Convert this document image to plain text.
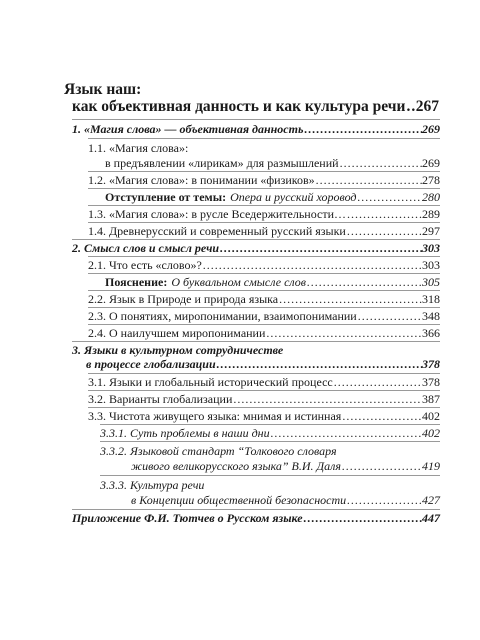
Язык наш:
как объективная данность и как культура речи ..... 267
1. «Магия слова» — объективная данность .....	269
1.1. «Магия слова»:
в предъявлении «лирикам» для размышлений .....	269
1.2. «Магия слова»: в понимании «физиков» .....	278
Отступление от темы: Опера и русский хоровод .....	280
1.3. «Магия слова»: в русле Вседержительности… .....	289
1.4. Древнерусский и современный русский языки .....	297
2. Смысл слов и смысл речи .....	303
2.1. Что есть «слово»? .....	303
Пояснение: О буквальном смысле слов .....	305
2.2. Язык в Природе и природа языка .....	318
2.3. О понятиях, миропонимании, взаимопонимании .....	348
2.4. О наилучшем миропонимании .....	366
3. Языки в культурном сотрудничестве
в процессе глобализации .....	378
3.1. Языки и глобальный исторический процесс .....	378
3.2. Варианты глобализации .....	387
3.3. Чистота живущего языка: мнимая и истинная .....	402
3.3.1. Суть проблемы в наши дни .....	402
3.3.2. Языковой стандарт “Толкового словаря
живого великорусского языка” В.И. Даля .....	419
3.3.3. Культура речи
в Концепции общественной безопасности .....	427
Приложение Ф.И. Тютчев о Русском языке .....	447
